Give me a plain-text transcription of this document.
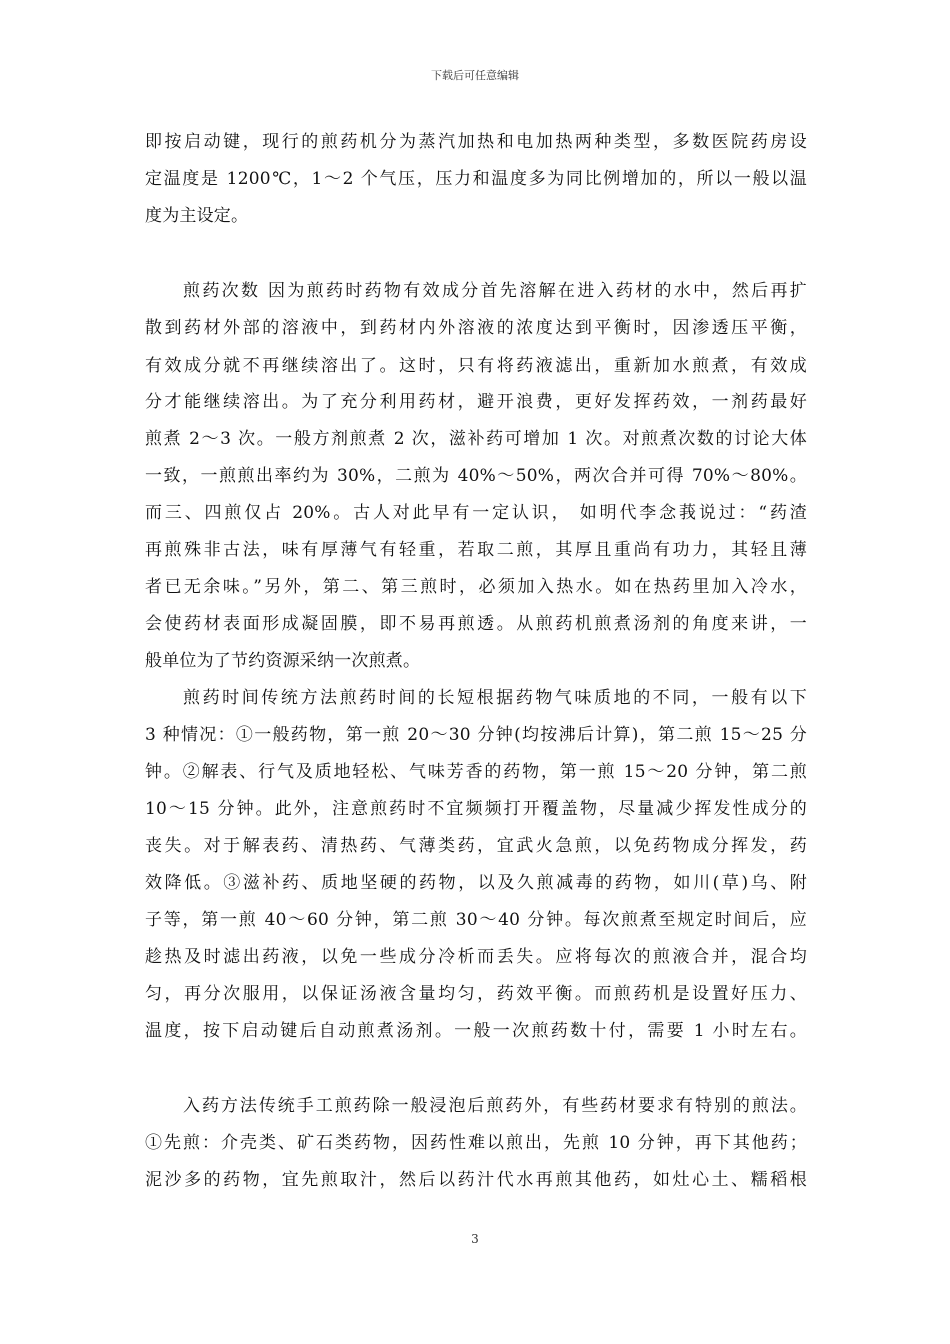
下载后可任意编辑
即按启动键，现行的煎药机分为蒸汽加热和电加热两种类型，多数医院药房设
定温度是 1200℃，1～2 个气压，压力和温度多为同比例增加的，所以一般以温
度为主设定。
煎药次数 因为煎药时药物有效成分首先溶解在进入药材的水中，然后再扩
散到药材外部的溶液中，到药材内外溶液的浓度达到平衡时，因渗透压平衡，
有效成分就不再继续溶出了。这时，只有将药液滤出，重新加水煎煮，有效成
分才能继续溶出。为了充分利用药材，避开浪费，更好发挥药效，一剂药最好
煎煮 2～3 次。一般方剂煎煮 2 次，滋补药可增加 1 次。对煎煮次数的讨论大体
一致，一煎煎出率约为 30%，二煎为 40%～50%，两次合并可得 70%～80%。
而三、四煎仅占 20%。古人对此早有一定认识， 如明代李念莪说过：“药渣
再煎殊非古法，味有厚薄气有轻重，若取二煎，其厚且重尚有功力，其轻且薄
者已无余味。”另外，第二、第三煎时，必须加入热水。如在热药里加入冷水，
会使药材表面形成凝固膜，即不易再煎透。从煎药机煎煮汤剂的角度来讲，一
般单位为了节约资源采纳一次煎煮。
煎药时间传统方法煎药时间的长短根据药物气味质地的不同，一般有以下
3 种情况：①一般药物，第一煎 20～30 分钟(均按沸后计算)，第二煎 15～25 分
钟。②解表、行气及质地轻松、气味芳香的药物，第一煎 15～20 分钟，第二煎
10～15 分钟。此外，注意煎药时不宜频频打开覆盖物，尽量减少挥发性成分的
丧失。对于解表药、清热药、气薄类药，宜武火急煎，以免药物成分挥发，药
效降低。③滋补药、质地坚硬的药物，以及久煎减毒的药物，如川(草)乌、附
子等，第一煎 40～60 分钟，第二煎 30～40 分钟。每次煎煮至规定时间后，应
趁热及时滤出药液，以免一些成分冷析而丢失。应将每次的煎液合并，混合均
匀，再分次服用，以保证汤液含量均匀，药效平衡。而煎药机是设置好压力、
温度，按下启动键后自动煎煮汤剂。一般一次煎药数十付，需要 1 小时左右。
入药方法传统手工煎药除一般浸泡后煎药外，有些药材要求有特别的煎法。
①先煎：介壳类、矿石类药物，因药性难以煎出，先煎 10 分钟，再下其他药；
泥沙多的药物，宜先煎取汁，然后以药汁代水再煎其他药，如灶心土、糯稻根
3
